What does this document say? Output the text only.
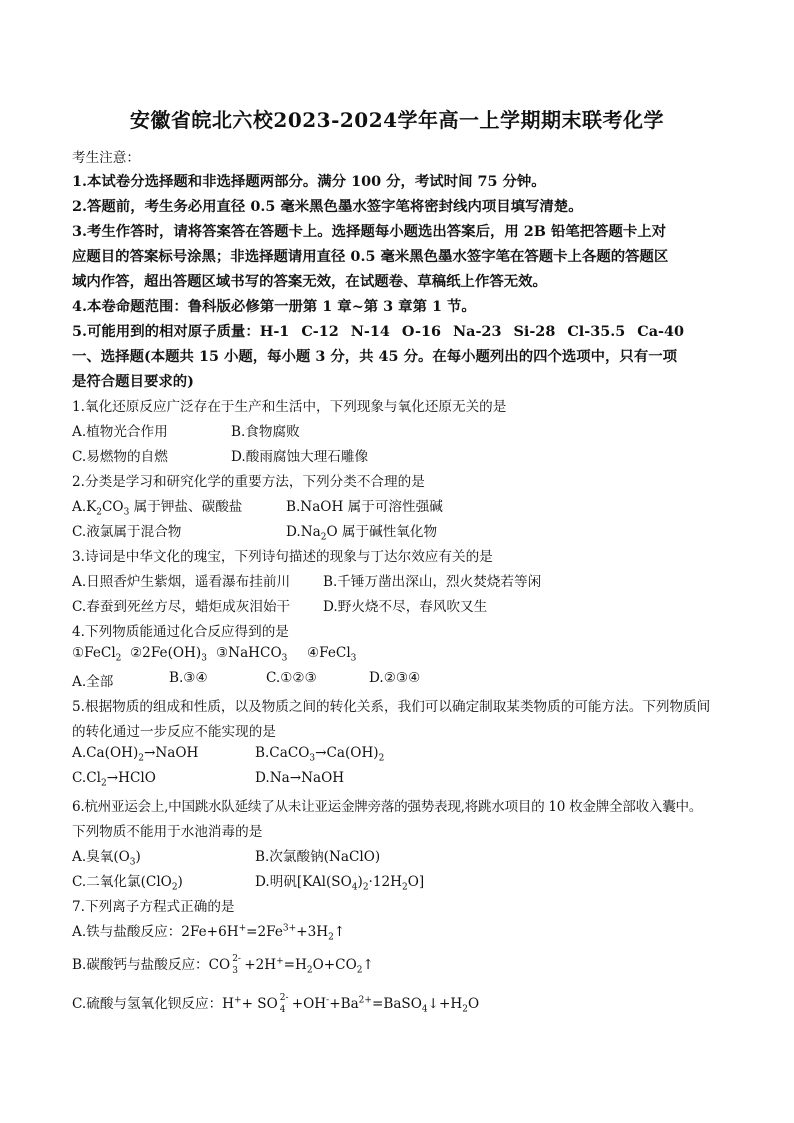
安徽省皖北六校2023-2024学年高一上学期期末联考化学
考生注意：
1.本试卷分选择题和非选择题两部分。满分 100 分，考试时间 75 分钟。
2.答题前，考生务必用直径 0.5 毫米黑色墨水签字笔将密封线内项目填写清楚。
3.考生作答时，请将答案答在答题卡上。选择题每小题选出答案后，用 2B 铅笔把答题卡上对
应题目的答案标号涂黑；非选择题请用直径 0.5 毫米黑色墨水签字笔在答题卡上各题的答题区
域内作答，超出答题区域书写的答案无效，在试题卷、草稿纸上作答无效。
4.本卷命题范围：鲁科版必修第一册第 1 章~第 3 章第 1 节。
5.可能用到的相对原子质量：H-1 C-12 N-14 O-16 Na-23 Si-28 Cl-35.5 Ca-40
一、选择题(本题共 15 小题，每小题 3 分，共 45 分。在每小题列出的四个选项中，只有一项
是符合题目要求的)
1.氧化还原反应广泛存在于生产和生活中，下列现象与氧化还原无关的是
A.植物光合作用	B.食物腐败
C.易燃物的自燃	D.酸雨腐蚀大理石雕像
2.分类是学习和研究化学的重要方法，下列分类不合理的是
$A.K_2CO_3$ 属于钾盐、碳酸盐	B.NaOH 属于可溶性强碱
C.液氯属于混合物	$D.Na_2O$ 属于碱性氧化物
3.诗词是中华文化的瑰宝，下列诗句描述的现象与丁达尔效应有关的是
A.日照香炉生紫烟，遥看瀑布挂前川 B.千锤万凿出深山，烈火焚烧若等闲
C.春蚕到死丝方尽，蜡炬成灰泪始干 D.野火烧不尽，春风吹又生
4.下列物质能通过化合反应得到的是
①FeCl$_2$ $②2Fe(OH)_3$ ③NaHCO$_3$ ④FeCl$_3$
A.全部	B.③④	C.①②③	D.②③④
5.根据物质的组成和性质，以及物质之间的转化关系，我们可以确定制取某类物质的可能方法。下列物质间
的转化通过一步反应不能实现的是
$A.Ca(OH)_2\to NaOH$	$B.CaCO_3\to Ca(OH)_2$
$C.Cl_2\to HClO$	D.Na→NaOH
6.杭州亚运会上,中国跳水队延续了从未让亚运金牌旁落的强势表现,将跳水项目的 10 枚金牌全部收入囊中。
下列物质不能用于水池消毒的是
A.臭氧$(O_3)$	B.次氯酸钠(NaClO)
C.二氧化氯(ClO$_2$)	D.明矾$[KAl(SO_4)_2\cdot 12H_2O]$
7.下列离子方程式正确的是
A.铁与盐酸反应：$2Fe+6H^+=2Fe^{3+}+3H_2↑$
B.碳酸钙与盐酸反应：CO 2-
$3 +2H^+=H_2O+CO_2↑$
C.硫酸与氢氧化钡反应：H++ SO 2-
$4 +OH^-+Ba^{2+}=BaSO_4↓+H_2O$
